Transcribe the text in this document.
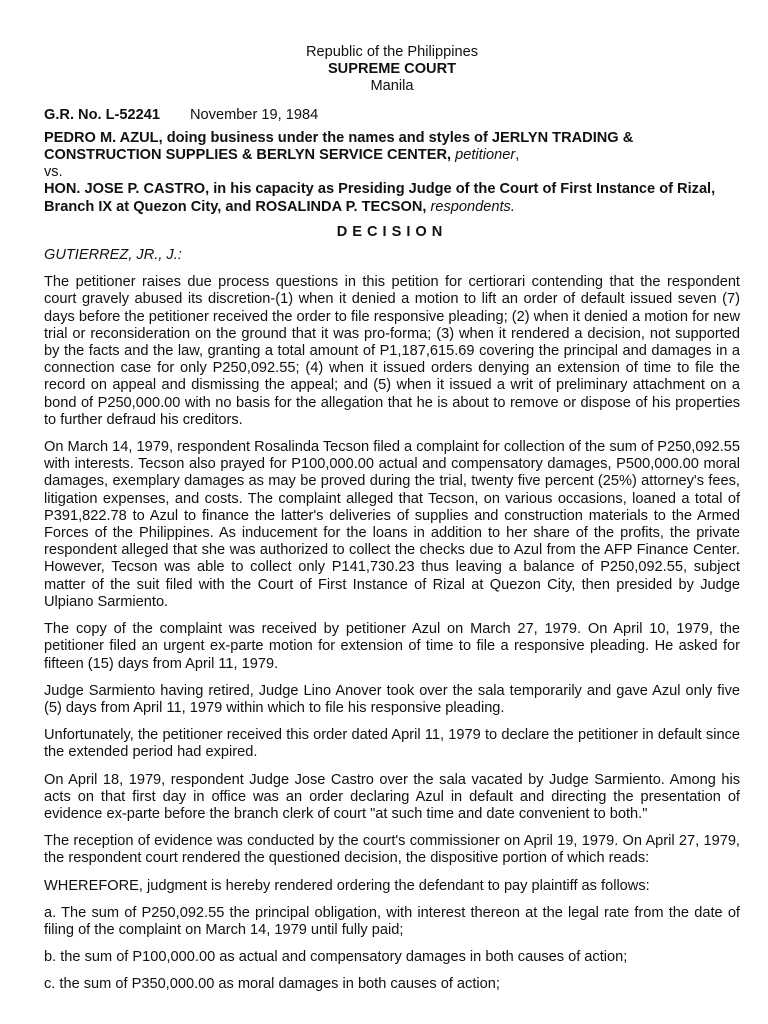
Republic of the Philippines

SUPREME COURT

Manila

G.R. No. L-52241 November 19, 1984

PEDRO M. AZUL, doing business under the names and styles of JERLYN TRADING & CONSTRUCTION SUPPLIES & BERLYN SERVICE CENTER, petitioner,

vs.

HON. JOSE P. CASTRO, in his capacity as Presiding Judge of the Court of First Instance of Rizal, Branch IX at Quezon City, and ROSALINDA P. TECSON, respondents.

DECISION

GUTIERREZ, JR., J.:

The petitioner raises due process questions in this petition for certiorari contending that the respondent court gravely abused its discretion-(1) when it denied a motion to lift an order of default issued seven (7) days before the petitioner received the order to file responsive pleading; (2) when it denied a motion for new trial or reconsideration on the ground that it was pro-forma; (3) when it rendered a decision, not supported by the facts and the law, granting a total amount of P1,187,615.69 covering the principal and damages in a connection case for only P250,092.55; (4) when it issued orders denying an extension of time to file the record on appeal and dismissing the appeal; and (5) when it issued a writ of preliminary attachment on a bond of P250,000.00 with no basis for the allegation that he is about to remove or dispose of his properties to further defraud his creditors.

On March 14, 1979, respondent Rosalinda Tecson filed a complaint for collection of the sum of P250,092.55 with interests. Tecson also prayed for P100,000.00 actual and compensatory damages, P500,000.00 moral damages, exemplary damages as may be proved during the trial, twenty five percent (25%) attorney's fees, litigation expenses, and costs. The complaint alleged that Tecson, on various occasions, loaned a total of P391,822.78 to Azul to finance the latter's deliveries of supplies and construction materials to the Armed Forces of the Philippines. As inducement for the loans in addition to her share of the profits, the private respondent alleged that she was authorized to collect the checks due to Azul from the AFP Finance Center. However, Tecson was able to collect only P141,730.23 thus leaving a balance of P250,092.55, subject matter of the suit filed with the Court of First Instance of Rizal at Quezon City, then presided by Judge Ulpiano Sarmiento.

The copy of the complaint was received by petitioner Azul on March 27, 1979. On April 10, 1979, the petitioner filed an urgent ex-parte motion for extension of time to file a responsive pleading. He asked for fifteen (15) days from April 11, 1979.

Judge Sarmiento having retired, Judge Lino Anover took over the sala temporarily and gave Azul only five (5) days from April 11, 1979 within which to file his responsive pleading.

Unfortunately, the petitioner received this order dated April 11, 1979 to declare the petitioner in default since the extended period had expired.

On April 18, 1979, respondent Judge Jose Castro over the sala vacated by Judge Sarmiento. Among his acts on that first day in office was an order declaring Azul in default and directing the presentation of evidence ex-parte before the branch clerk of court "at such time and date convenient to both."

The reception of evidence was conducted by the court's commissioner on April 19, 1979. On April 27, 1979, the respondent court rendered the questioned decision, the dispositive portion of which reads:

WHEREFORE, judgment is hereby rendered ordering the defendant to pay plaintiff as follows:

a. The sum of P250,092.55 the principal obligation, with interest thereon at the legal rate from the date of filing of the complaint on March 14, 1979 until fully paid;

b. the sum of P100,000.00 as actual and compensatory damages in both causes of action;

c. the sum of P350,000.00 as moral damages in both causes of action;
